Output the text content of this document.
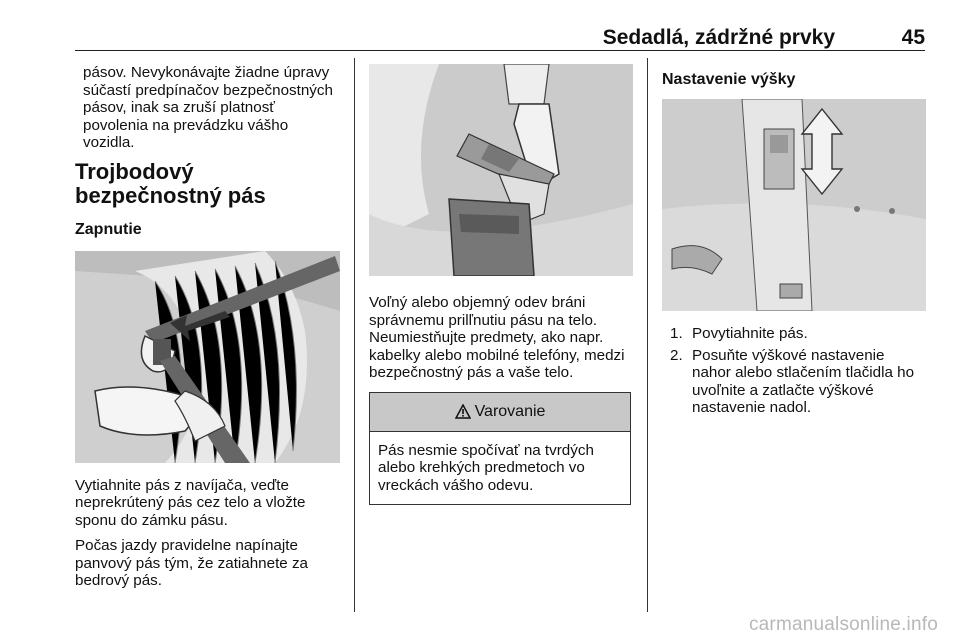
Sedadlá, zádržné prvky	45

pásov. Nevykonávajte žiadne úpravy súčastí predpínačov bezpečnostných pásov, inak sa zruší platnosť povolenia na prevádzku vášho vozidla.

Trojbodový bezpečnostný pás
Zapnutie

Vytiahnite pás z navíjača, veďte neprekrútený pás cez telo a vložte sponu do zámku pásu.

Počas jazdy pravidelne napínajte panvový pás tým, že zatiahnete za bedrový pás.

Voľný alebo objemný odev bráni správnemu prilľnutiu pásu na telo. Neumiestňujte predmety, ako napr. kabelky alebo mobilné telefóny, medzi bezpečnostný pás a vaše telo.

Varovanie

Pás nesmie spočívať na tvrdých alebo krehkých predmetoch vo vreckách vášho odevu.

Nastavenie výšky
1. Povytiahnite pás.
2. Posuňte výškové nastavenie nahor alebo stlačením tlačidla ho uvoľnite a zatlačte výškové nastavenie nadol.
carmanualsonline.info
